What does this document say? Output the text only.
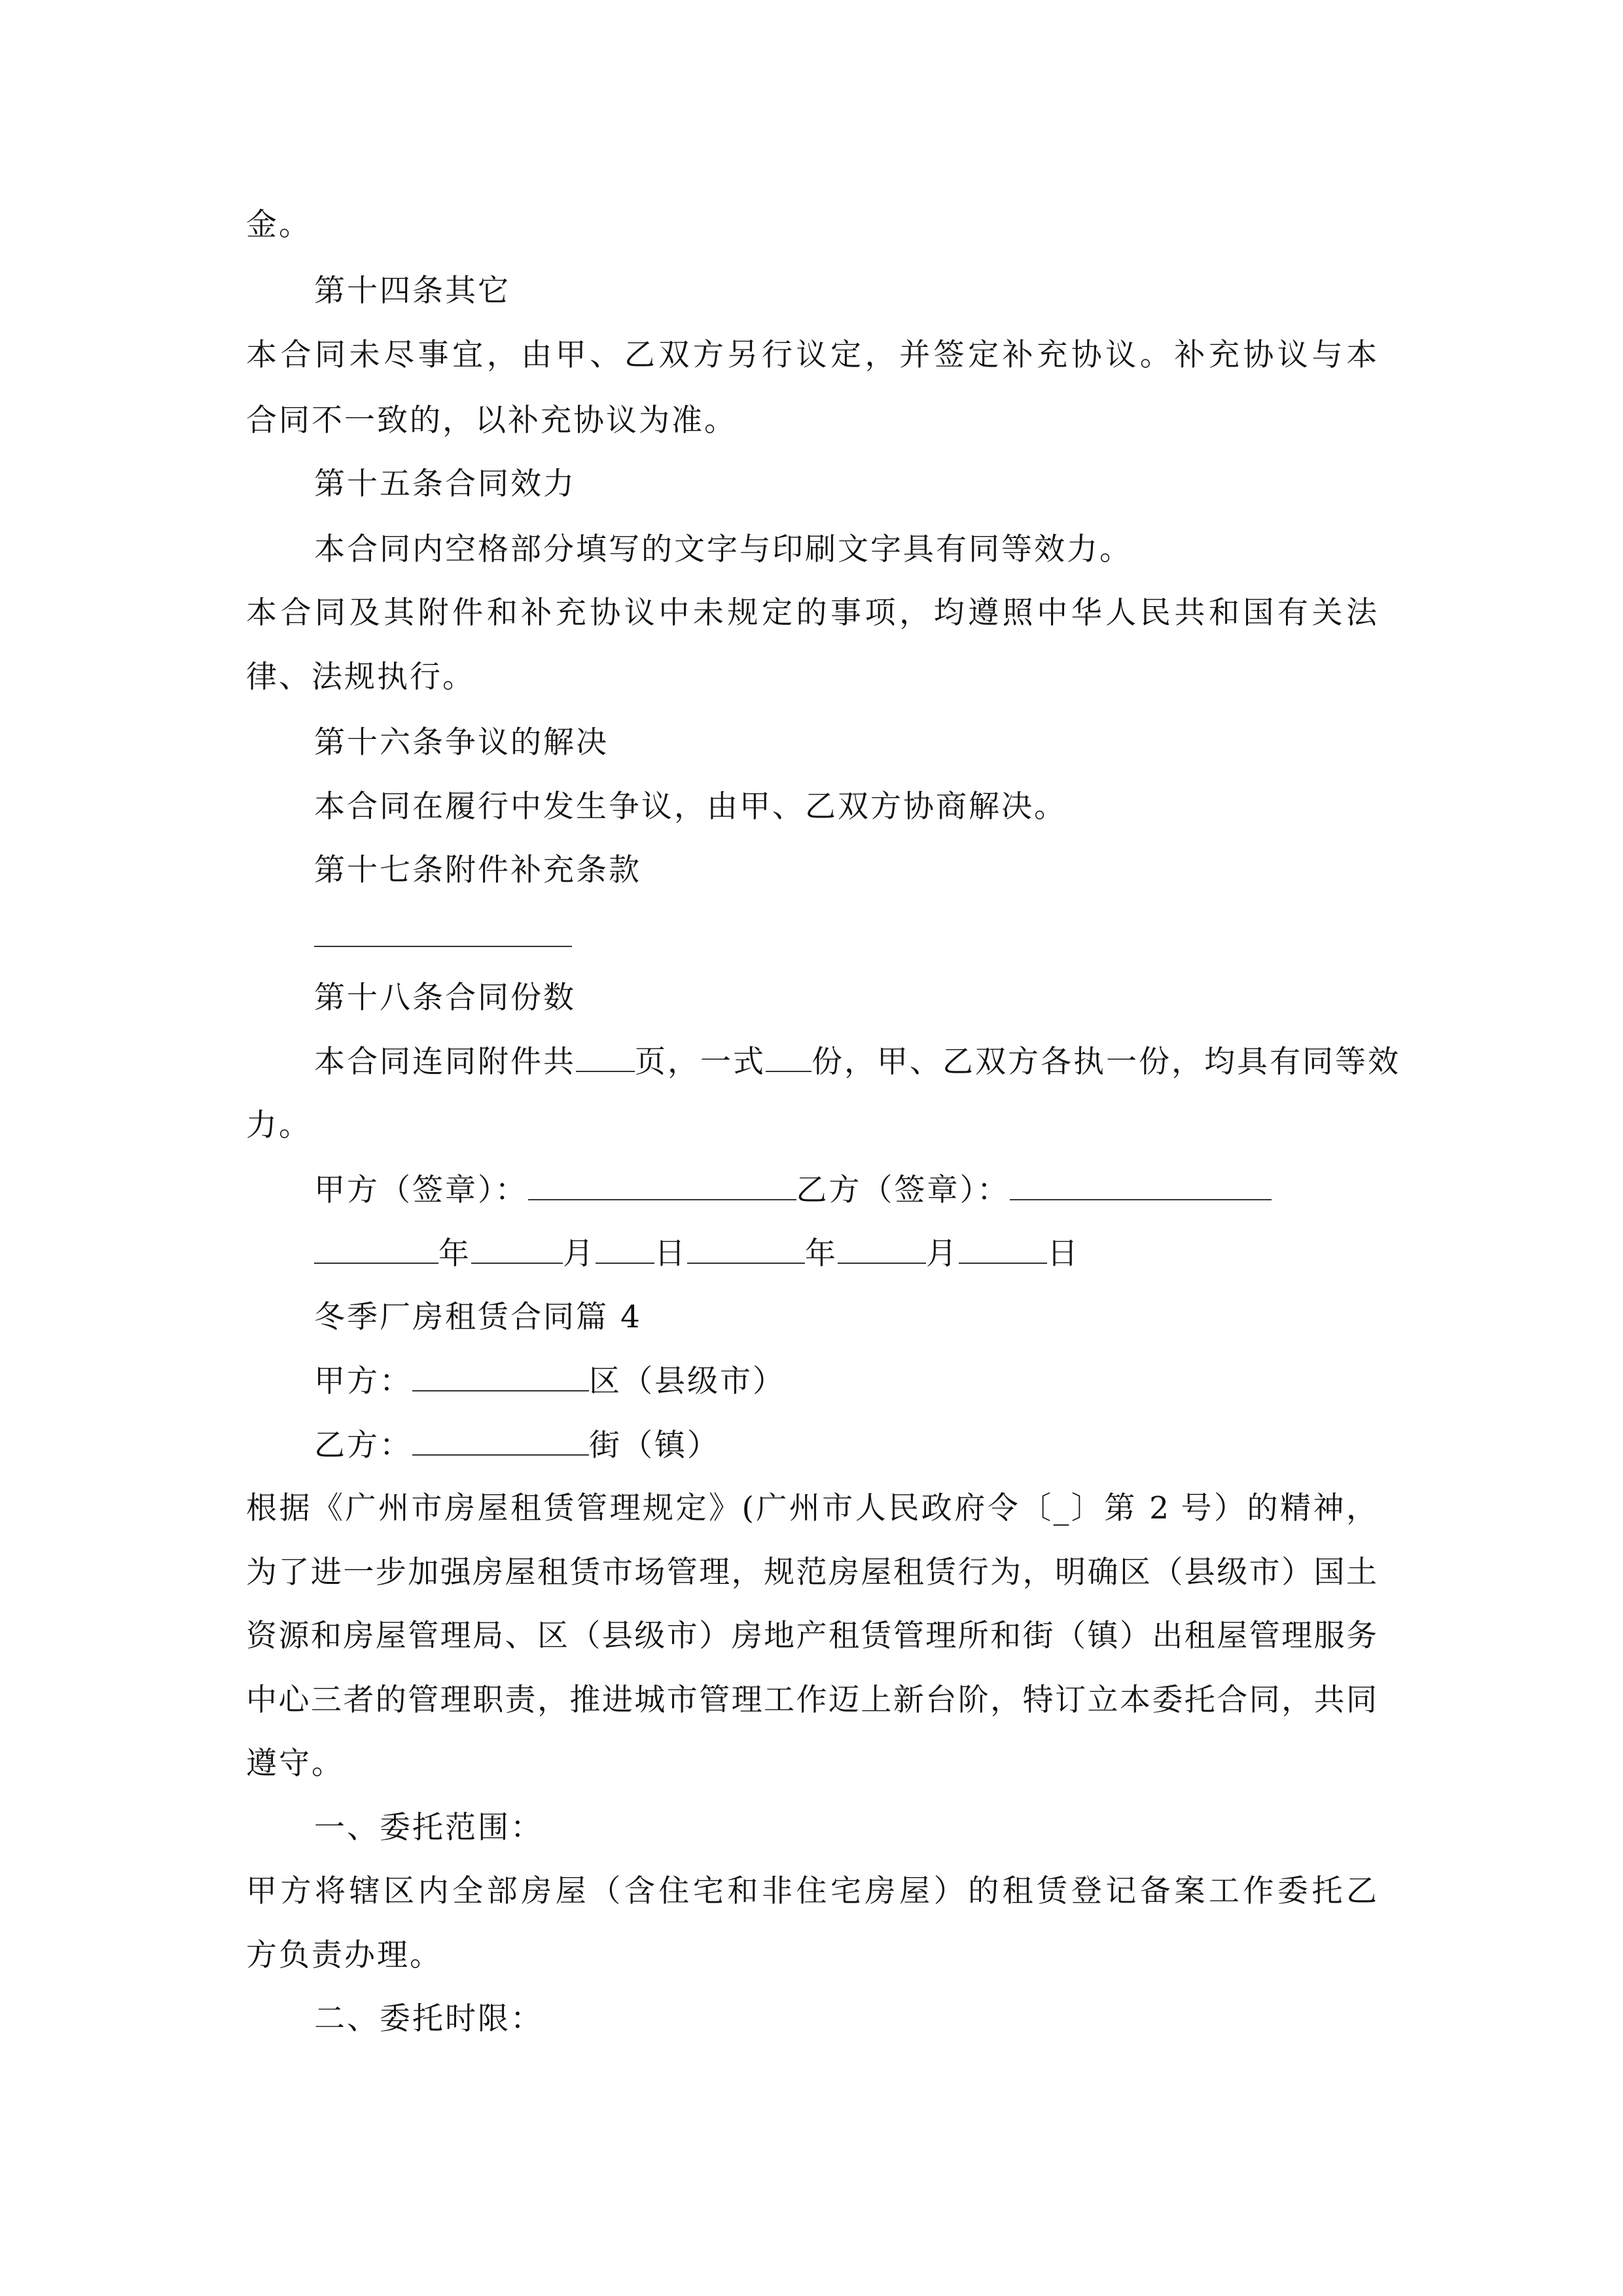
金。

第十四条其它

本合同未尽事宜，由甲、乙双方另行议定，并签定补充协议。补充协议与本

合同不一致的，以补充协议为准。

第十五条合同效力

本合同内空格部分填写的文字与印刷文字具有同等效力。

本合同及其附件和补充协议中未规定的事项，均遵照中华人民共和国有关法

律、法规执行。

第十六条争议的解决

本合同在履行中发生争议，由甲、乙双方协商解决。

第十七条附件补充条款

第十八条合同份数

本合同连同附件共 页，一式 份，甲、乙双方各执一份，均具有同等效

力。

甲方（签章）：	乙方（签章）：

年	月 日	年	月	日

冬季厂房租赁合同篇 4

甲方：	区（县级市）

乙方：	街（镇）

根据《广州市房屋租赁管理规定》(广州市人民政府令〔_〕第 2 号）的精神，

为了进一步加强房屋租赁市场管理，规范房屋租赁行为，明确区（县级市）国土

资源和房屋管理局、区（县级市）房地产租赁管理所和街（镇）出租屋管理服务

中心三者的管理职责，推进城市管理工作迈上新台阶，特订立本委托合同，共同

遵守。

一、委托范围：

甲方将辖区内全部房屋（含住宅和非住宅房屋）的租赁登记备案工作委托乙

方负责办理。

二、委托时限：
